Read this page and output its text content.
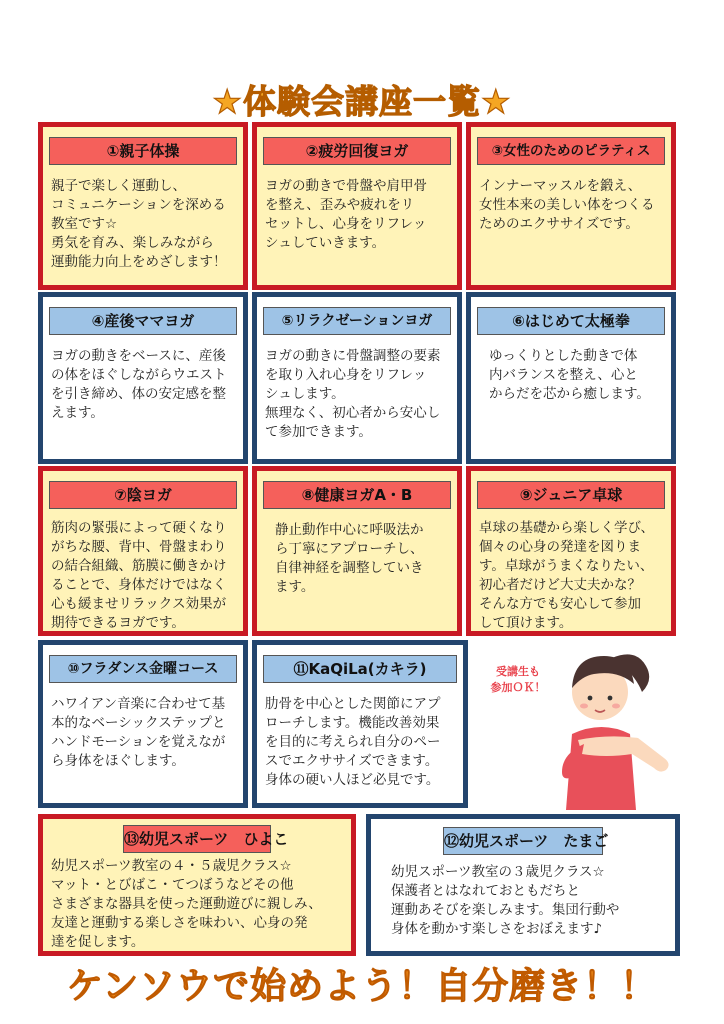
★体験会講座一覧★
①親子体操
親子で楽しく運動し、
コミュニケーションを深める
教室です☆
勇気を育み、楽しみながら
運動能力向上をめざします！
②疲労回復ヨガ
ヨガの動きで骨盤や肩甲骨
を整え、歪みや疲れをリ
セットし、心身をリフレッ
シュしていきます。
③女性のためのピラティス
インナーマッスルを鍛え、
女性本来の美しい体をつくる
ためのエクササイズです。
④産後ママヨガ
ヨガの動きをベースに、産後
の体をほぐしながらウエスト
を引き締め、体の安定感を整
えます。
⑤リラクゼーションヨガ
ヨガの動きに骨盤調整の要素
を取り入れ心身をリフレッ
シュします。
無理なく、初心者から安心し
て参加できます。
⑥はじめて太極拳
ゆっくりとした動きで体
内バランスを整え、心と
からだを芯から癒します。
⑦陰ヨガ
筋肉の緊張によって硬くなり
がちな腰、背中、骨盤まわり
の結合組織、筋膜に働きかけ
ることで、身体だけではなく
心も緩ませリラックス効果が
期待できるヨガです。
⑧健康ヨガA・B
静止動作中心に呼吸法か
ら丁寧にアプローチし、
自律神経を調整していき
ます。
⑨ジュニア卓球
卓球の基礎から楽しく学び、
個々の心身の発達を図りま
す。卓球がうまくなりたい、
初心者だけど大丈夫かな？
そんな方でも安心して参加
して頂けます。
⑩フラダンス金曜コース
ハワイアン音楽に合わせて基
本的なベーシックステップと
ハンドモーションを覚えなが
ら身体をほぐします。
⑪KaQiLa(カキラ)
肋骨を中心とした関節にアプ
ローチします。機能改善効果
を目的に考えられ自分のペー
スでエクササイズできます。
身体の硬い人ほど必見です。
受講生も
参加ＯＫ！
⑬幼児スポーツ　ひよこ
幼児スポーツ教室の４・５歳児クラス☆
マット・とびばこ・てつぼうなどその他
さまざまな器具を使った運動遊びに親しみ、
友達と運動する楽しさを味わい、心身の発
達を促します。
⑫幼児スポーツ　たまご
幼児スポーツ教室の３歳児クラス☆
保護者とはなれておともだちと
運動あそびを楽しみます。集団行動や
身体を動かす楽しさをおぼえます♪
ケンソウで始めよう！自分磨き！！
